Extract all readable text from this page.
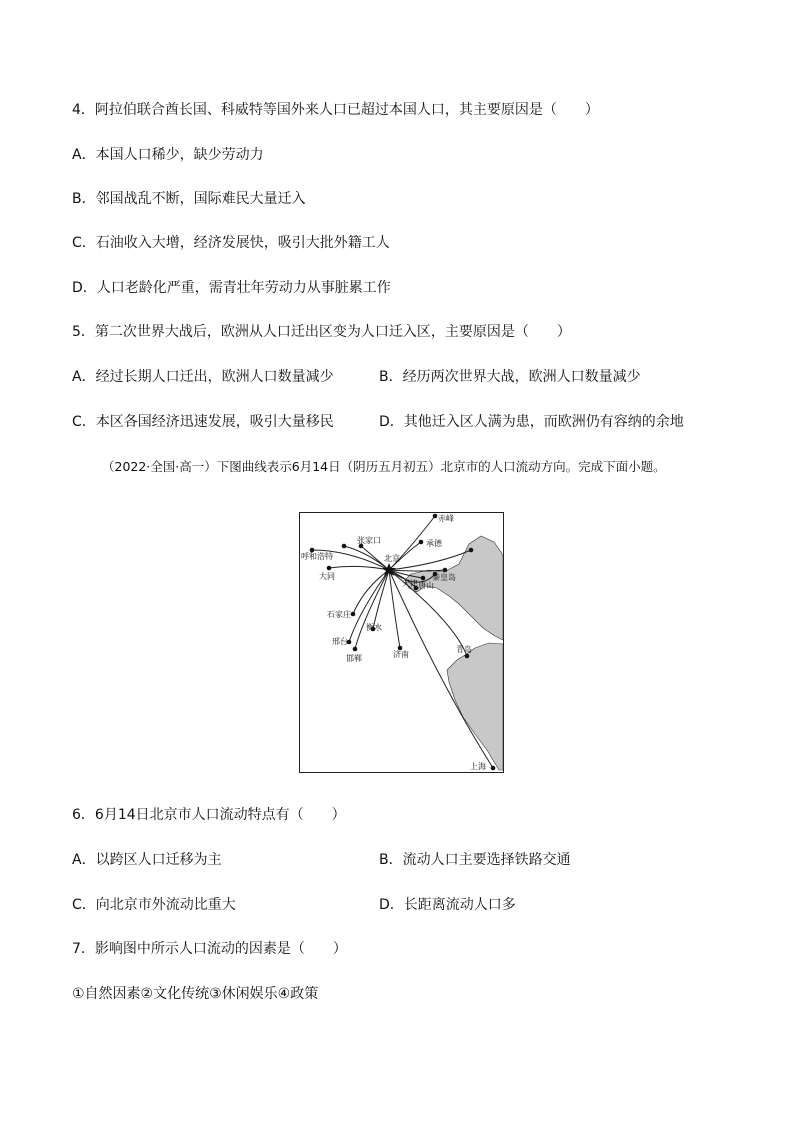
4．阿拉伯联合酋长国、科威特等国外来人口已超过本国人口，其主要原因是（　　）
A．本国人口稀少，缺少劳动力
B．邻国战乱不断，国际难民大量迁入
C．石油收入大增，经济发展快，吸引大批外籍工人
D．人口老龄化严重，需青壮年劳动力从事脏累工作
5．第二次世界大战后，欧洲从人口迁出区变为人口迁入区，主要原因是（　　）
A．经过长期人口迁出，欧洲人口数量减少	B．经历两次世界大战，欧洲人口数量减少
C．本区各国经济迅速发展，吸引大量移民	D．其他迁入区人满为患，而欧洲仍有容纳的余地
（2022·全国·高一）下图曲线表示6月14日（阴历五月初五）北京市的人口流动方向。完成下面小题。
赤峰
承德
张家口
北京
呼和浩特
大同
天津 唐山
秦皇岛
石家庄
衡水
邢台
邯郸	济南
青岛
上海
6．6月14日北京市人口流动特点有（　　）
A．以跨区人口迁移为主	B．流动人口主要选择铁路交通
C．向北京市外流动比重大	D．长距离流动人口多
7．影响图中所示人口流动的因素是（　　）
①自然因素②文化传统③休闲娱乐④政策
